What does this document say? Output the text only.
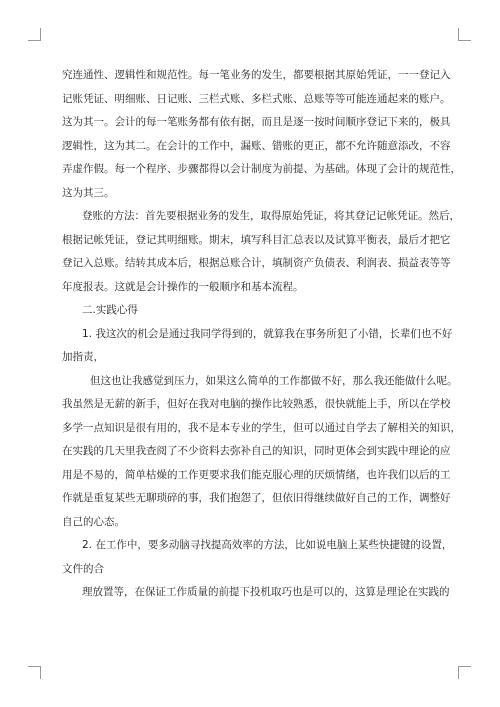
究连通性、逻辑性和规范性。每一笔业务的发生，都要根据其原始凭证，一一登记入
记账凭证、明细账、日记账、三栏式账、多栏式账、总账等等可能连通起来的账户。
这为其一。会计的每一笔账务都有依有据，而且是逐一按时间顺序登记下来的，极具
逻辑性，这为其二。在会计的工作中，漏账、错账的更正，都不允许随意添改，不容
弄虚作假。每一个程序、步骤都得以会计制度为前提、为基础。体现了会计的规范性，
这为其三。
登账的方法：首先要根据业务的发生，取得原始凭证，将其登记记帐凭证。然后，
根据记帐凭证，登记其明细账。期末，填写科目汇总表以及试算平衡表，最后才把它
登记入总账。结转其成本后，根据总账合计，填制资产负债表、利润表、损益表等等
年度报表。这就是会计操作的一般顺序和基本流程。
二.实践心得
1. 我这次的机会是通过我同学得到的，就算我在事务所犯了小错，长辈们也不好
加指责，
但这也让我感觉到压力，如果这么简单的工作都做不好，那么我还能做什么呢。
我虽然是无薪的新手，但好在我对电脑的操作比较熟悉，很快就能上手，所以在学校
多学一点知识是很有用的，我不是本专业的学生，但可以通过自学去了解相关的知识，
在实践的几天里我查阅了不少资料去弥补自己的知识，同时更体会到实践中理论的应
用是不易的，简单枯燥的工作更要求我们能克服心理的厌烦情绪，也许我们以后的工
作就是重复某些无聊琐碎的事，我们抱怨了，但依旧得继续做好自己的工作，调整好
自己的心态。
2. 在工作中，要多动脑寻找提高效率的方法，比如说电脑上某些快捷键的设置，
文件的合
理放置等，在保证工作质量的前提下投机取巧也是可以的，这算是理论在实践的
